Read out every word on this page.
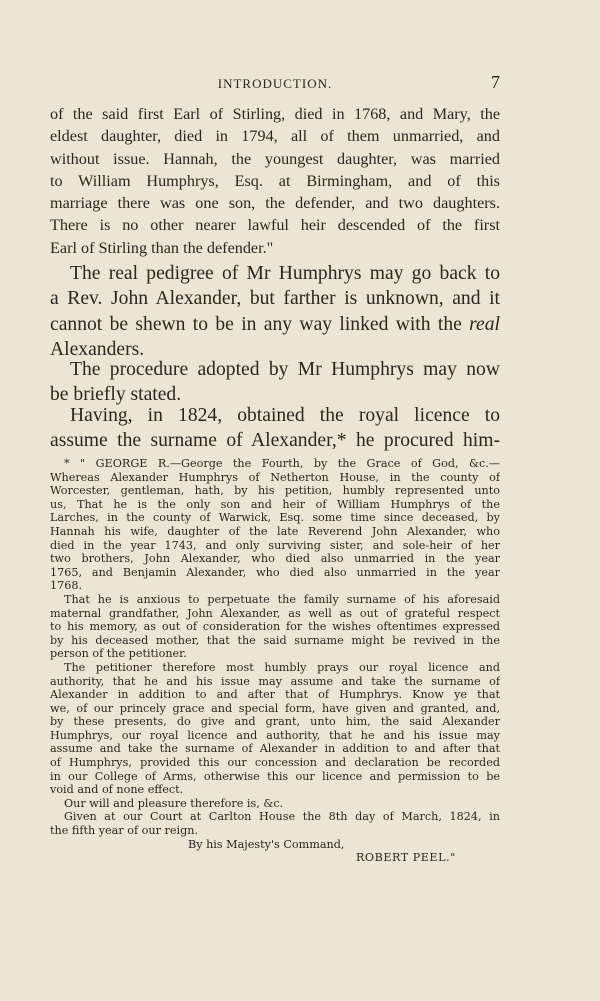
INTRODUCTION.	7
of the said first Earl of Stirling, died in 1768, and Mary, the
eldest daughter, died in 1794, all of them unmarried, and
without issue. Hannah, the youngest daughter, was married
to William Humphrys, Esq. at Birmingham, and of this
marriage there was one son, the defender, and two daughters.
There is no other nearer lawful heir descended of the first
Earl of Stirling than the defender."
The real pedigree of Mr Humphrys may go back to
a Rev. John Alexander, but farther is unknown, and it
cannot be shewn to be in any way linked with the real
Alexanders.
The procedure adopted by Mr Humphrys may now
be briefly stated.
Having, in 1824, obtained the royal licence to
assume the surname of Alexander,* he procured him-
* " GEORGE R.—George the Fourth, by the Grace of God, &c.—
Whereas Alexander Humphrys of Netherton House, in the county of
Worcester, gentleman, hath, by his petition, humbly represented unto
us, That he is the only son and heir of William Humphrys of the
Larches, in the county of Warwick, Esq. some time since deceased, by
Hannah his wife, daughter of the late Reverend John Alexander, who
died in the year 1743, and only surviving sister, and sole-heir of her
two brothers, John Alexander, who died also unmarried in the year
1765, and Benjamin Alexander, who died also unmarried in the year
1768.
That he is anxious to perpetuate the family surname of his aforesaid
maternal grandfather, John Alexander, as well as out of grateful respect
to his memory, as out of consideration for the wishes oftentimes expressed
by his deceased mother, that the said surname might be revived in the
person of the petitioner.
The petitioner therefore most humbly prays our royal licence and
authority, that he and his issue may assume and take the surname of
Alexander in addition to and after that of Humphrys. Know ye that
we, of our princely grace and special form, have given and granted, and,
by these presents, do give and grant, unto him, the said Alexander
Humphrys, our royal licence and authority, that he and his issue may
assume and take the surname of Alexander in addition to and after that
of Humphrys, provided this our concession and declaration be recorded
in our College of Arms, otherwise this our licence and permission to be
void and of none effect.
Our will and pleasure therefore is, &c.
Given at our Court at Carlton House the 8th day of March, 1824, in
the fifth year of our reign.
By his Majesty's Command,
ROBERT PEEL."
